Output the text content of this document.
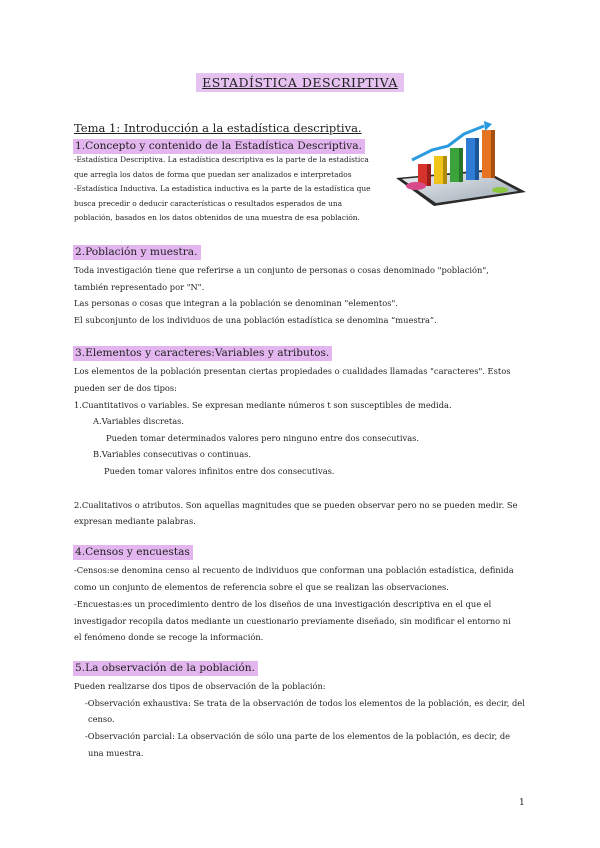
ESTADÍSTICA DESCRIPTIVA
Tema 1: Introducción a la estadística descriptiva.
1.Concepto y contenido de la Estadística Descriptiva.
-Estadística Descriptiva. La estadística descriptiva es la parte de la estadística
que arregla los datos de forma que puedan ser analizados e interpretados
-Estadística Inductiva. La estadística inductiva es la parte de la estadística que
busca precedir o deducir características o resultados esperados de una
población, basados en los datos obtenidos de una muestra de esa población.
2.Población y muestra.
Toda investigación tiene que referirse a un conjunto de personas o cosas denominado "población",
también representado por "N".
Las personas o cosas que integran a la población se denominan "elementos".
El subconjunto de los individuos de una población estadística se denomina “muestra”.
3.Elementos y caracteres:Variables y atributos.
Los elementos de la población presentan ciertas propiedades o cualidades llamadas "caracteres". Estos
pueden ser de dos tipos:
1.Cuantitativos o variables. Se expresan mediante números t son susceptibles de medida.
A.Variables discretas.
Pueden tomar determinados valores pero ninguno entre dos consecutivas.
B.Variables consecutivas o continuas.
Pueden tomar valores infinitos entre dos consecutivas.
2.Cualitativos o atributos. Son aquellas magnitudes que se pueden observar pero no se pueden medir. Se
expresan mediante palabras.
4.Censos y encuestas
-Censos:se denomina censo al recuento de individuos que conforman una población estadística, definida
como un conjunto de elementos de referencia sobre el que se realizan las observaciones.
-Encuestas:es un procedimiento dentro de los diseños de una investigación descriptiva en el que el
investigador recopila datos mediante un cuestionario previamente diseñado, sin modificar el entorno ni
el fenómeno donde se recoge la información.
5.La observación de la población.
Pueden realizarse dos tipos de observación de la población:
-Observación exhaustiva: Se trata de la observación de todos los elementos de la población, es decir, del
censo.
-Observación parcial: La observación de sólo una parte de los elementos de la población, es decir, de
una muestra.
1
